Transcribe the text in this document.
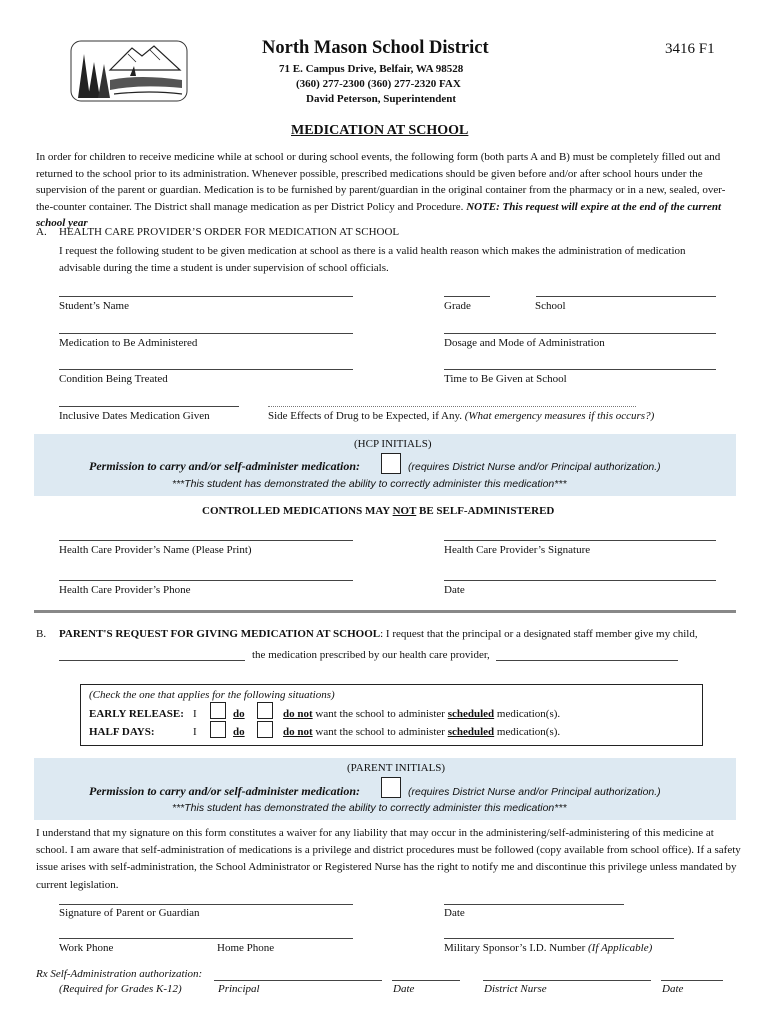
North Mason School District	3416 F1
71 E. Campus Drive, Belfair, WA 98528
(360) 277-2300 (360) 277-2320 FAX
David Peterson, Superintendent
MEDICATION AT SCHOOL
In order for children to receive medicine while at school or during school events, the following form (both parts A and B) must be completely filled out and returned to the school prior to its administration. Whenever possible, prescribed medications should be given before and/or after school hours under the supervision of the parent or guardian. Medication is to be furnished by parent/guardian in the original container from the pharmacy or in a new, sealed, over-the-counter container. The District shall manage medication as per District Policy and Procedure. NOTE: This request will expire at the end of the current school year
A. HEALTH CARE PROVIDER’S ORDER FOR MEDICATION AT SCHOOL
I request the following student to be given medication at school as there is a valid health reason which makes the administration of medication advisable during the time a student is under supervision of school officials.
Student’s Name	Grade	School
Medication to Be Administered	Dosage and Mode of Administration
Condition Being Treated	Time to Be Given at School
Inclusive Dates Medication Given	Side Effects of Drug to be Expected, if Any. (What emergency measures if this occurs?)
(HCP INITIALS)
Permission to carry and/or self-administer medication:	(requires District Nurse and/or Principal authorization.)
***This student has demonstrated the ability to correctly administer this medication***
CONTROLLED MEDICATIONS MAY NOT BE SELF-ADMINISTERED
Health Care Provider’s Name (Please Print)	Health Care Provider’s Signature
Health Care Provider’s Phone	Date
B. PARENT'S REQUEST FOR GIVING MEDICATION AT SCHOOL: I request that the principal or a designated staff member give my child,
the medication prescribed by our health care provider,
(Check the one that applies for the following situations)
EARLY RELEASE: I	do	do not want the school to administer scheduled medication(s).
HALF DAYS:	I	do	do not want the school to administer scheduled medication(s).
(PARENT INITIALS)
Permission to carry and/or self-administer medication:	(requires District Nurse and/or Principal authorization.)
***This student has demonstrated the ability to correctly administer this medication***
I understand that my signature on this form constitutes a waiver for any liability that may occur in the administering/self-administering of this medicine at school. I am aware that self-administration of medications is a privilege and district procedures must be followed (copy available from school office). If a safety issue arises with self-administration, the School Administrator or Registered Nurse has the right to notify me and discontinue this privilege unless mandated by current legislation.
Signature of Parent or Guardian	Date
Work Phone	Home Phone	Military Sponsor’s I.D. Number (If Applicable)
Rx Self-Administration authorization:
(Required for Grades K-12)	Principal	Date	District Nurse	Date
